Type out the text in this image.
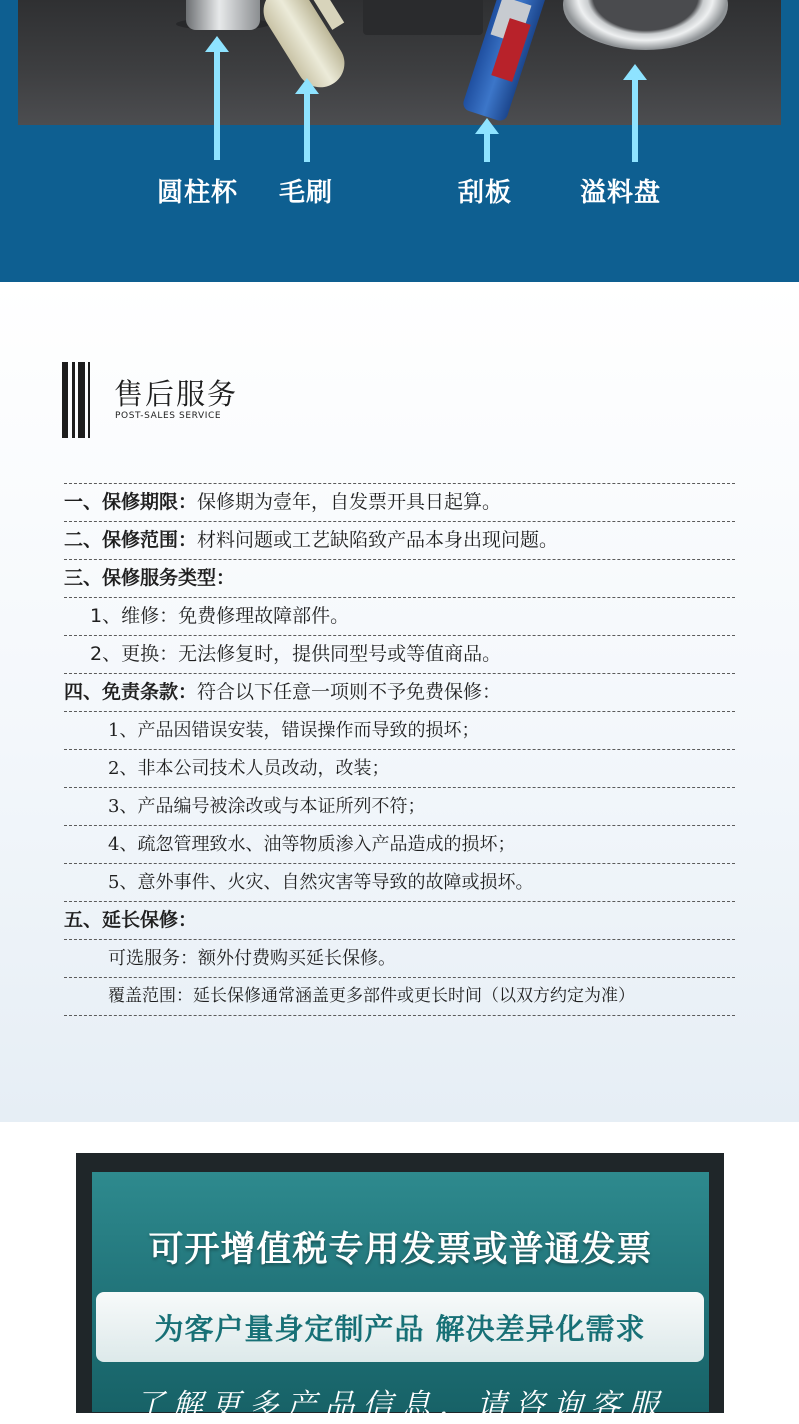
圆柱杯 毛刷	刮板	溢料盘
售后服务
POST-SALES SERVICE
一、保修期限：保修期为壹年，自发票开具日起算。
二、保修范围：材料问题或工艺缺陷致产品本身出现问题。
三、保修服务类型：
1、维修：免费修理故障部件。
2、更换：无法修复时，提供同型号或等值商品。
四、免责条款：符合以下任意一项则不予免费保修：
1、产品因错误安装，错误操作而导致的损坏；
2、非本公司技术人员改动，改装；
3、产品编号被涂改或与本证所列不符；
4、疏忽管理致水、油等物质渗入产品造成的损坏；
5、意外事件、火灾、自然灾害等导致的故障或损坏。
五、延长保修：
可选服务：额外付费购买延长保修。
覆盖范围：延长保修通常涵盖更多部件或更长时间（以双方约定为准）
可开增值税专用发票或普通发票
为客户量身定制产品 解决差异化需求
了解更多产品信息，请咨询客服
